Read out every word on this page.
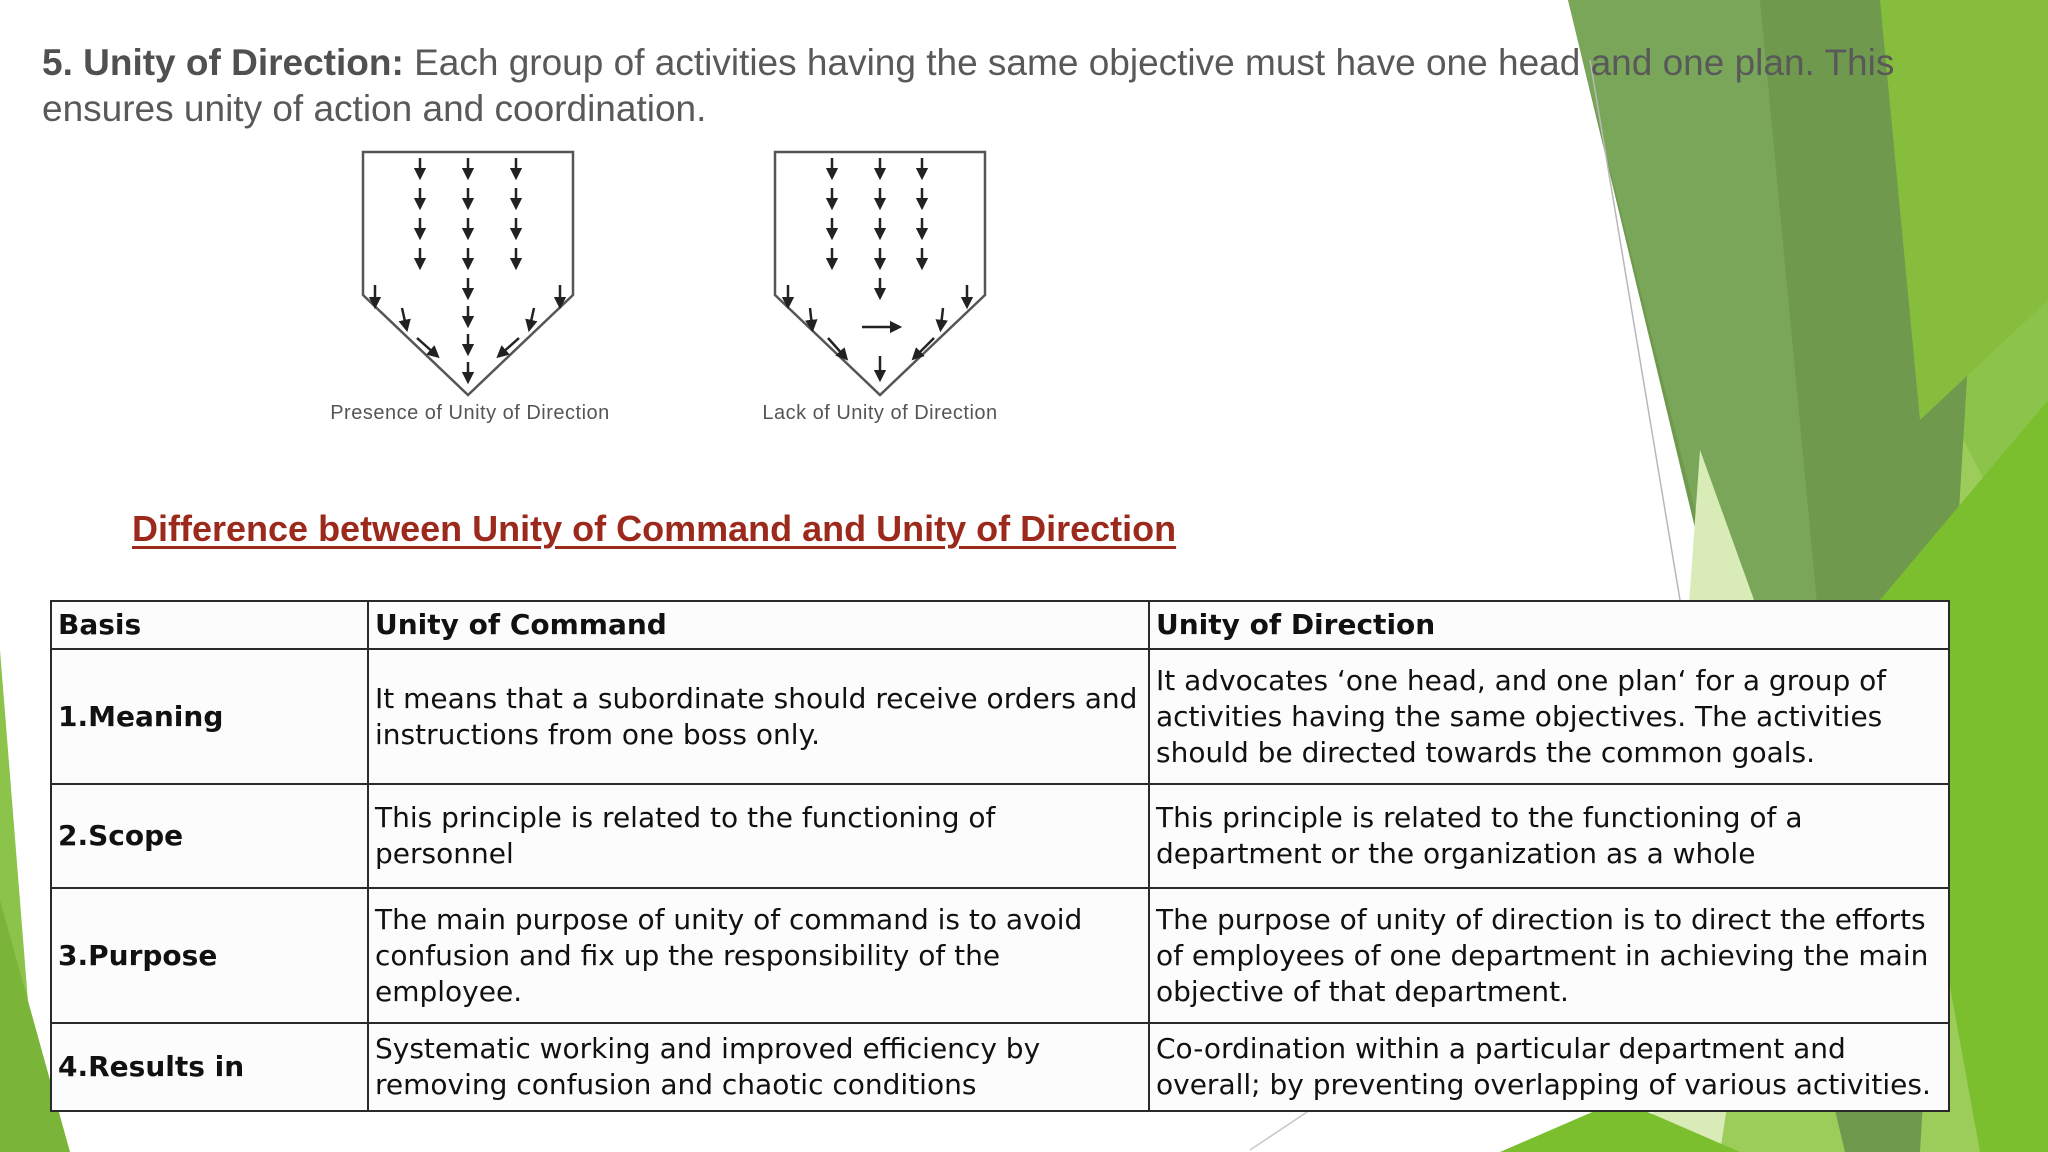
5. Unity of Direction: Each group of activities having the same objective must have one head and one plan. This ensures unity of action and coordination.
Presence of Unity of Direction	Lack of Unity of Direction
Difference between Unity of Command and Unity of Direction
Basis	Unity of Command	Unity of Direction
1.Meaning	It means that a subordinate should receive orders and instructions from one boss only.	It advocates ‘one head, and one plan‘ for a group of activities having the same objectives. The activities should be directed towards the common goals.
2.Scope	This principle is related to the functioning of personnel	This principle is related to the functioning of a department or the organization as a whole
3.Purpose	The main purpose of unity of command is to avoid confusion and fix up the responsibility of the employee.	The purpose of unity of direction is to direct the efforts of employees of one department in achieving the main objective of that department.
4.Results in	Systematic working and improved efficiency by removing confusion and chaotic conditions	Co-ordination within a particular department and overall; by preventing overlapping of various activities.
